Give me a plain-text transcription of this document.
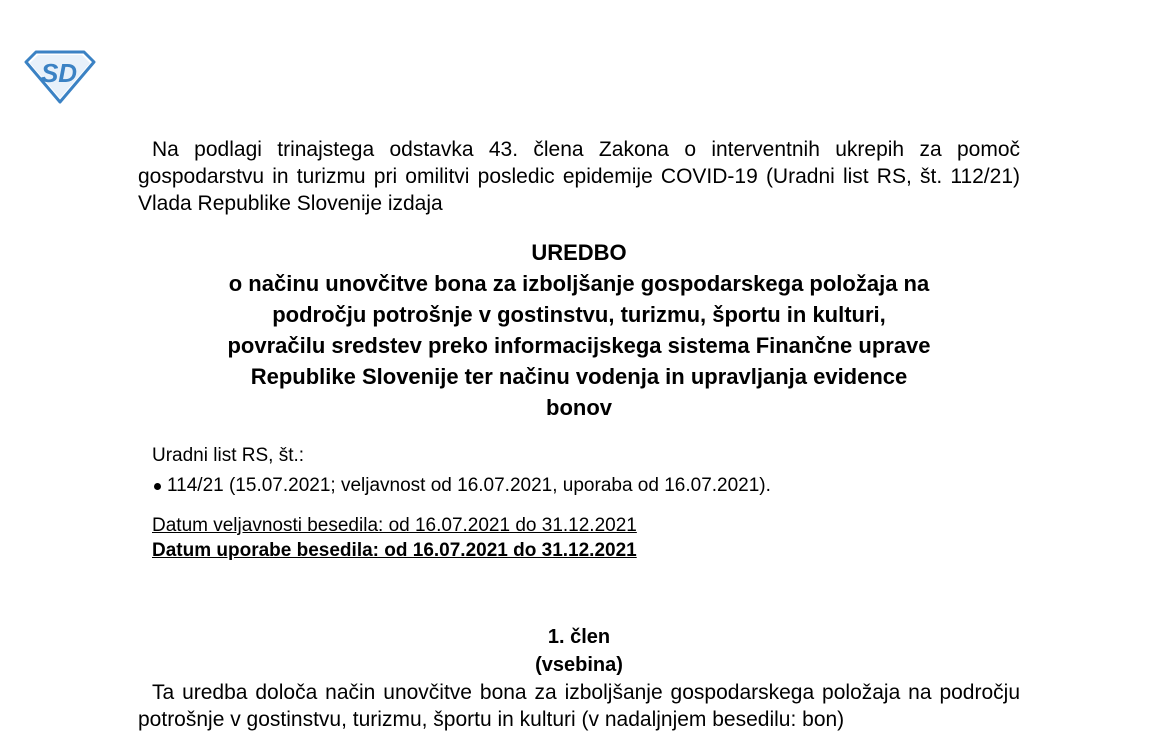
SD

Na podlagi trinajstega odstavka 43. člena Zakona o interventnih ukrepih za pomoč gospodarstvu in turizmu pri omilitvi posledic epidemije COVID-19 (Uradni list RS, št. 112/21) Vlada Republike Slovenije izdaja

UREDBO
o načinu unovčitve bona za izboljšanje gospodarskega položaja na
področju potrošnje v gostinstvu, turizmu, športu in kulturi,
povračilu sredstev preko informacijskega sistema Finančne uprave
Republike Slovenije ter načinu vodenja in upravljanja evidence
bonov
Uradni list RS, št.:
114/21 (15.07.2021; veljavnost od 16.07.2021, uporaba od 16.07.2021).
Datum veljavnosti besedila: od 16.07.2021 do 31.12.2021
Datum uporabe besedila: od 16.07.2021 do 31.12.2021
1. člen
(vsebina)

Ta uredba določa način unovčitve bona za izboljšanje gospodarskega položaja na področju potrošnje v gostinstvu, turizmu, športu in kulturi (v nadaljnjem besedilu: bon)
